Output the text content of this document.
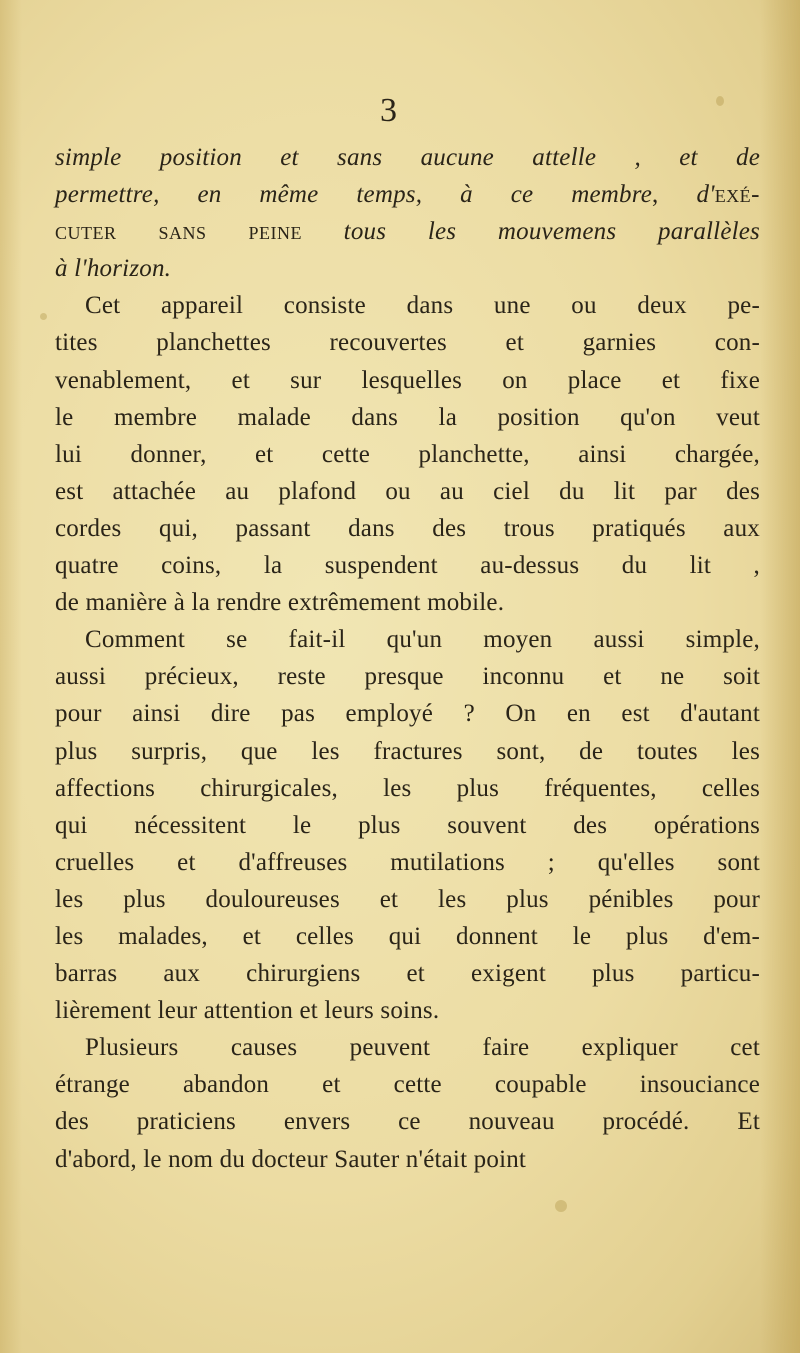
3
simple position et sans aucune attelle , et de
permettre, en même temps, à ce membre, d'exé-
cuter sans peine tous les mouvemens parallèles
à l'horizon.
Cet appareil consiste dans une ou deux pe-
tites planchettes recouvertes et garnies con-
venablement, et sur lesquelles on place et fixe
le membre malade dans la position qu'on veut
lui donner, et cette planchette, ainsi chargée,
est attachée au plafond ou au ciel du lit par des
cordes qui, passant dans des trous pratiqués aux
quatre coins, la suspendent au-dessus du lit ,
de manière à la rendre extrêmement mobile.
Comment se fait-il qu'un moyen aussi simple,
aussi précieux, reste presque inconnu et ne soit
pour ainsi dire pas employé ? On en est d'autant
plus surpris, que les fractures sont, de toutes les
affections chirurgicales, les plus fréquentes, celles
qui nécessitent le plus souvent des opérations
cruelles et d'affreuses mutilations ; qu'elles sont
les plus douloureuses et les plus pénibles pour
les malades, et celles qui donnent le plus d'em-
barras aux chirurgiens et exigent plus particu-
lièrement leur attention et leurs soins.
Plusieurs causes peuvent faire expliquer cet
étrange abandon et cette coupable insouciance
des praticiens envers ce nouveau procédé. Et
d'abord, le nom du docteur Sauter n'était point
